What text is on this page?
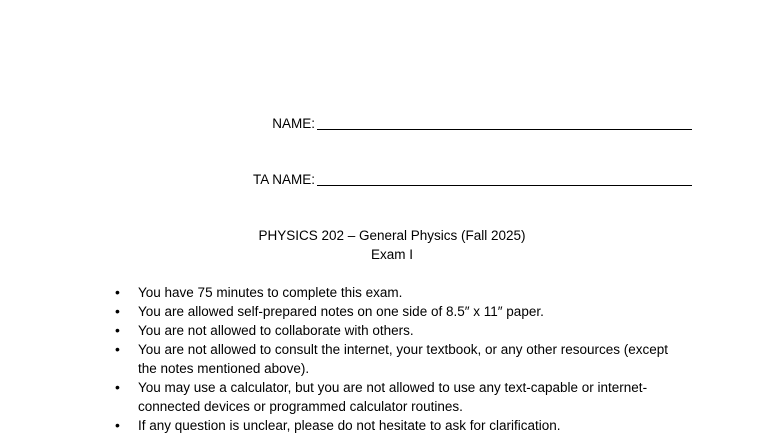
NAME:
TA NAME:
PHYSICS 202 – General Physics (Fall 2025)
Exam I
• You have 75 minutes to complete this exam.
• You are allowed self-prepared notes on one side of 8.5″ x 11″ paper.
• You are not allowed to collaborate with others.
• You are not allowed to consult the internet, your textbook, or any other resources (except the notes mentioned above).
• You may use a calculator, but you are not allowed to use any text-capable or internet-connected devices or programmed calculator routines.
• If any question is unclear, please do not hesitate to ask for clarification.
